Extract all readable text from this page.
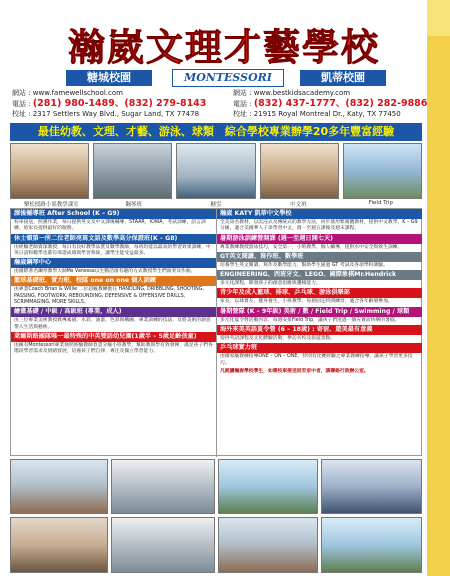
瀚崴文理才藝學校
糖城校園	MONTESSORI	凱蒂校園
網站 : www.famewellschool.com
電話 : (281) 980-1489、(832) 279-8143
校址 : 2317 Settlers Way Blvd., Sugar Land, TX 77478
網站 : www.bestkidsacademy.com
電話 : (832) 437-1777、(832) 282-9886
校址 : 21915 Royal Montreal Dr., Katy, TX 77450
最佳幼教、文理、才藝、游泳、球類　綜合學校專業辦學20多年豐富經驗
樂松授路小果教學課室	鋼琴班	糖雲	中文班	Field Trip
課後輔導班 After School (K – G9)
校車接送，照護作業，每日提供英文及中文課後輔導，STAAR，IOWA，考試訓練，語言訓練，給家長提供最好的服務。
休士頓第一所二位老師亮寫文語及數學高分保證班(K – G8)
由經驗老師資深教授，每日有良好教學品質及數學教師，每班均能以最高的學習效果訓練，中英日語和數學也都有保證成績與學習系統，讓學生能受益最多。
瀚崴鋼琴中心
由國際著名鋼琴教學大師Ms Vanessa以生動活潑有趣的方式教授學生們演奏及作曲。
籃球基礎班、實力班、校隊 one on one 個人訓練
由專業Coach Brian & Willie 二位超級教練擔任 HANDLING, DRIBBLING, SHOOTING, PASSING, FOOTWORK, REBOUNDING, DEFENSIVE & OFFENSIVE DRILLS, SCRIMMAGING, MORE SKILLS。
繪畫基礎 / 中級 / 高級班 (專業，成人)
由三位專業美術教授教導素描、水彩、油畫、色彩與構圖、專業訓練的技法，及將美術的創意帶入生活與藝術。
萊爾斯路團隊唯一最特殊的中英雙語幼兒園(1歲半 – 5歲足齡孩童)
由擁有Montessori專業執照經驗教師負責分級小班教學，幫助教與學有效發揮，滿足孩子們各階段學習需求及情緒發展，培養孩子們自律、專注及獨立學習能力。
瀚崴 KATY 凱蒂中文學校
全美知名教材，以沉浸式及傳統式的教學方法，同步使用繁簡體教材，提供中文教學，K – G9 分級，適合美國華人子弟學習中文，週一至週五課後及週末課程。
暑期游泳訓練營開課 (週一至週日開七天)
專業教練教授游泳技巧，安全第一，小班教學，個人輔導，提供水中安全與救生訓練。
GT英文閱讀、寫作班、數學班
培養學生英文閱讀、寫作及數學能力，幫助學生通過 GT 考試及各項學科測驗。
ENGINEERING、西班牙文、LEGO、國際象棋Mr.Hendrick
多元化課程，開發孩子的創意思維與邏輯能力。
青少年及成人籃球、排球、乒乓球、游泳俱樂部
家長、以球會友，健身養生，小班教學，每週固定時間練習，適合各年齡層參加。
暑期營隊 (K – 9年級) 美術 / 數 / Field Trip / Swimming / 球類
多元化夏令營活動內容，每週安排Field Trip，讓孩子們度過一個充實而快樂的暑假。
海外來美英語夏令營 (6 – 18歲) : 寄宿、遊美最有意義
提供英語課程及文化體驗活動，參訪名校及旅遊景點。
乒乓球實力班
由國家級教練指導ONE – ON – ONE，特別有比賽經驗之專業教練指導，讓孩子學習更多技巧。
凡就讀瀚崴學校學生，如需校車接送回至家中者，請聯絡行政辦公室。
